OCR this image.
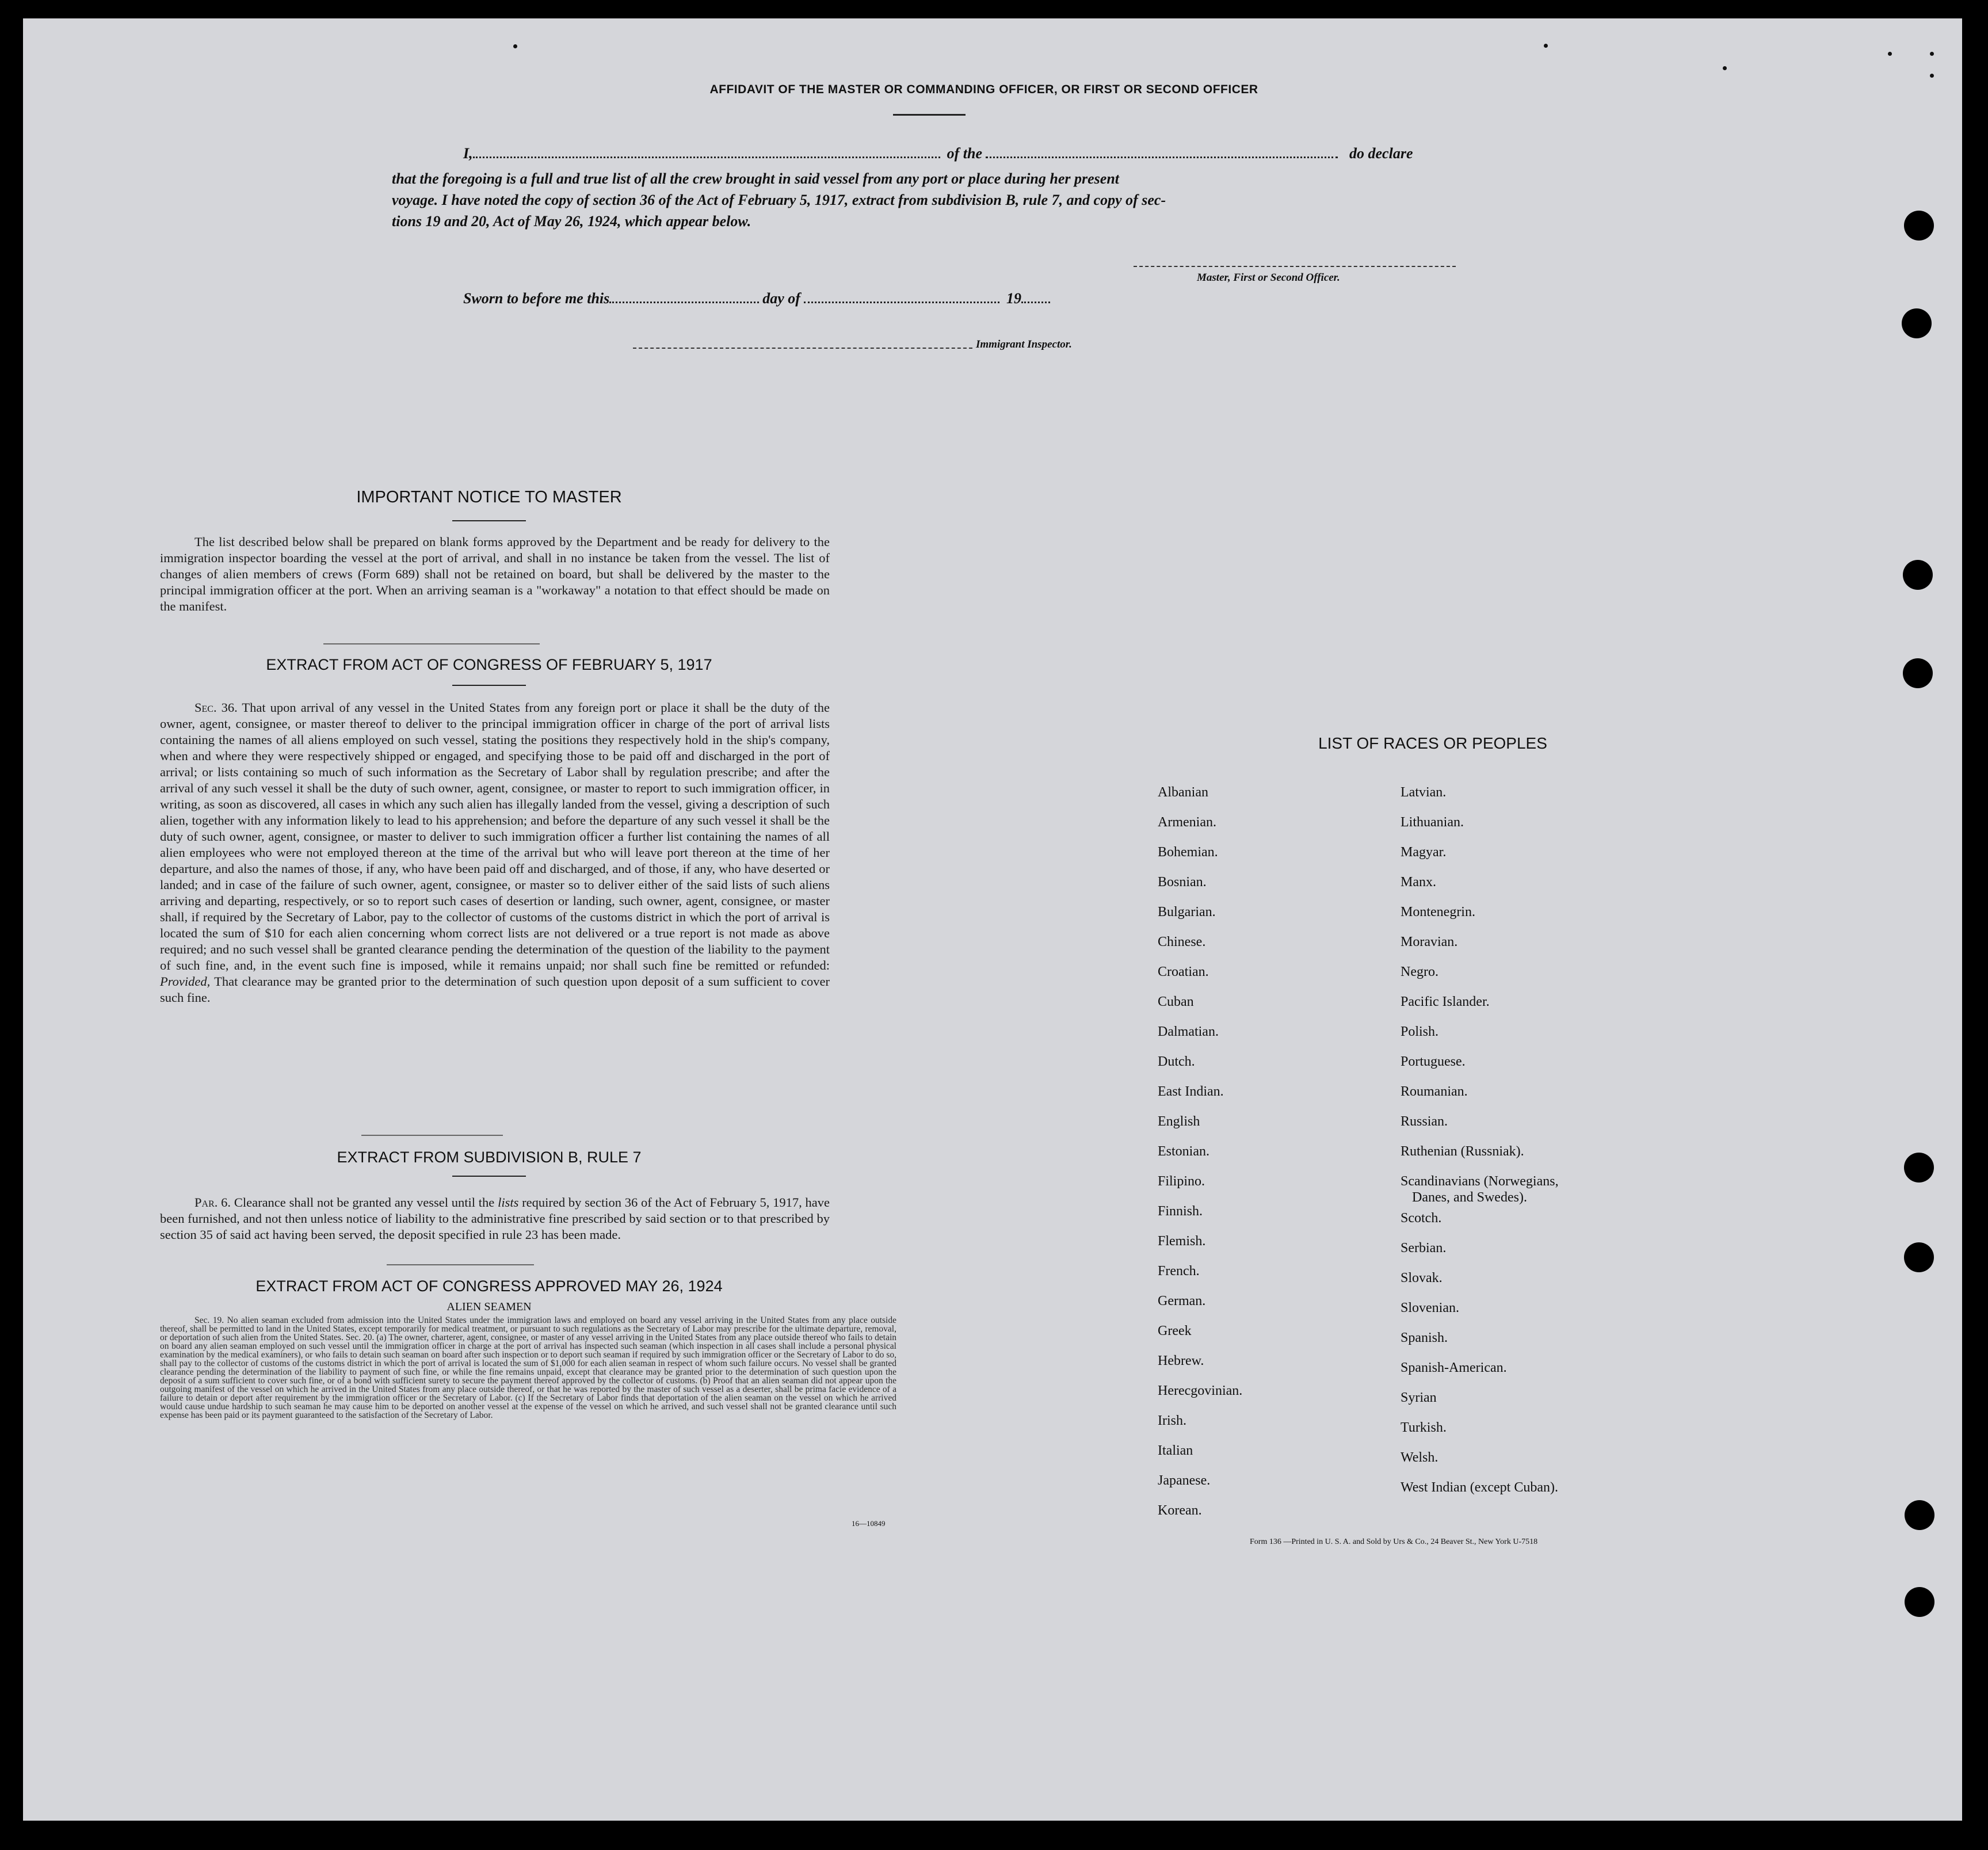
AFFIDAVIT OF THE MASTER OR COMMANDING OFFICER, OR FIRST OR SECOND OFFICER
I,	of the	do declare
that the foregoing is a full and true list of all the crew brought in said vessel from any port or place during her present
voyage. I have noted the copy of section 36 of the Act of February 5, 1917, extract from subdivision B, rule 7, and copy of sec-
tions 19 and 20, Act of May 26, 1924, which appear below.
Master, First or Second Officer.
Sworn to before me this	day of	19
Immigrant Inspector.
IMPORTANT NOTICE TO MASTER
The list described below shall be prepared on blank forms approved by the Department and be ready for delivery to the immigration inspector boarding the vessel at the port of arrival, and shall in no instance be taken from the vessel. The list of changes of alien members of crews (Form 689) shall not be retained on board, but shall be delivered by the master to the principal immigration officer at the port. When an arriving seaman is a "workaway" a notation to that effect should be made on the manifest.
EXTRACT FROM ACT OF CONGRESS OF FEBRUARY 5, 1917
Sec. 36. That upon arrival of any vessel in the United States from any foreign port or place it shall be the duty of the owner, agent, consignee, or master thereof to deliver to the principal immigration officer in charge of the port of arrival lists containing the names of all aliens employed on such vessel, stating the positions they respectively hold in the ship's company, when and where they were respectively shipped or engaged, and specifying those to be paid off and discharged in the port of arrival; or lists containing so much of such information as the Secretary of Labor shall by regulation prescribe; and after the arrival of any such vessel it shall be the duty of such owner, agent, consignee, or master to report to such immigration officer, in writing, as soon as discovered, all cases in which any such alien has illegally landed from the vessel, giving a description of such alien, together with any information likely to lead to his apprehension; and before the departure of any such vessel it shall be the duty of such owner, agent, consignee, or master to deliver to such immigration officer a further list containing the names of all alien employees who were not employed thereon at the time of the arrival but who will leave port thereon at the time of her departure, and also the names of those, if any, who have been paid off and discharged, and of those, if any, who have deserted or landed; and in case of the failure of such owner, agent, consignee, or master so to deliver either of the said lists of such aliens arriving and departing, respectively, or so to report such cases of desertion or landing, such owner, agent, consignee, or master shall, if required by the Secretary of Labor, pay to the collector of customs of the customs district in which the port of arrival is located the sum of $10 for each alien concerning whom correct lists are not delivered or a true report is not made as above required; and no such vessel shall be granted clearance pending the determination of the question of the liability to the payment of such fine, and, in the event such fine is imposed, while it remains unpaid; nor shall such fine be remitted or refunded: Provided, That clearance may be granted prior to the determination of such question upon deposit of a sum sufficient to cover such fine.
EXTRACT FROM SUBDIVISION B, RULE 7
Par. 6. Clearance shall not be granted any vessel until the lists required by section 36 of the Act of February 5, 1917, have been furnished, and not then unless notice of liability to the administrative fine prescribed by said section or to that prescribed by section 35 of said act having been served, the deposit specified in rule 23 has been made.
EXTRACT FROM ACT OF CONGRESS APPROVED MAY 26, 1924
ALIEN SEAMEN
Sec. 19. No alien seaman excluded from admission into the United States under the immigration laws and employed on board any vessel arriving in the United States from any place outside thereof, shall be permitted to land in the United States, except temporarily for medical treatment, or pursuant to such regulations as the Secretary of Labor may prescribe for the ultimate departure, removal, or deportation of such alien from the United States. Sec. 20. (a) The owner, charterer, agent, consignee, or master of any vessel arriving in the United States from any place outside thereof who fails to detain on board any alien seaman employed on such vessel until the immigration officer in charge at the port of arrival has inspected such seaman (which inspection in all cases shall include a personal physical examination by the medical examiners), or who fails to detain such seaman on board after such inspection or to deport such seaman if required by such immigration officer or the Secretary of Labor to do so, shall pay to the collector of customs of the customs district in which the port of arrival is located the sum of $1,000 for each alien seaman in respect of whom such failure occurs. No vessel shall be granted clearance pending the determination of the liability to payment of such fine, or while the fine remains unpaid, except that clearance may be granted prior to the determination of such question upon the deposit of a sum sufficient to cover such fine, or of a bond with sufficient surety to secure the payment thereof approved by the collector of customs. (b) Proof that an alien seaman did not appear upon the outgoing manifest of the vessel on which he arrived in the United States from any place outside thereof, or that he was reported by the master of such vessel as a deserter, shall be prima facie evidence of a failure to detain or deport after requirement by the immigration officer or the Secretary of Labor. (c) If the Secretary of Labor finds that deportation of the alien seaman on the vessel on which he arrived would cause undue hardship to such seaman he may cause him to be deported on another vessel at the expense of the vessel on which he arrived, and such vessel shall not be granted clearance until such expense has been paid or its payment guaranteed to the satisfaction of the Secretary of Labor.
16—10849
LIST OF RACES OR PEOPLES
Albanian
Armenian.
Bohemian.
Bosnian.
Bulgarian.
Chinese.
Croatian.
Cuban
Dalmatian.
Dutch.
East Indian.
English
Estonian.
Filipino.
Finnish.
Flemish.
French.
German.
Greek
Hebrew.
Herecgovinian.
Irish.
Italian
Japanese.
Korean.
Latvian.
Lithuanian.
Magyar.
Manx.
Montenegrin.
Moravian.
Negro.
Pacific Islander.
Polish.
Portuguese.
Roumanian.
Russian.
Ruthenian (Russniak).
Scandinavians (Norwegians,
Danes, and Swedes).
Scotch.
Serbian.
Slovak.
Slovenian.
Spanish.
Spanish-American.
Syrian
Turkish.
Welsh.
West Indian (except Cuban).
Form 136 —Printed in U. S. A. and Sold by Urs & Co., 24 Beaver St., New York U-7518
